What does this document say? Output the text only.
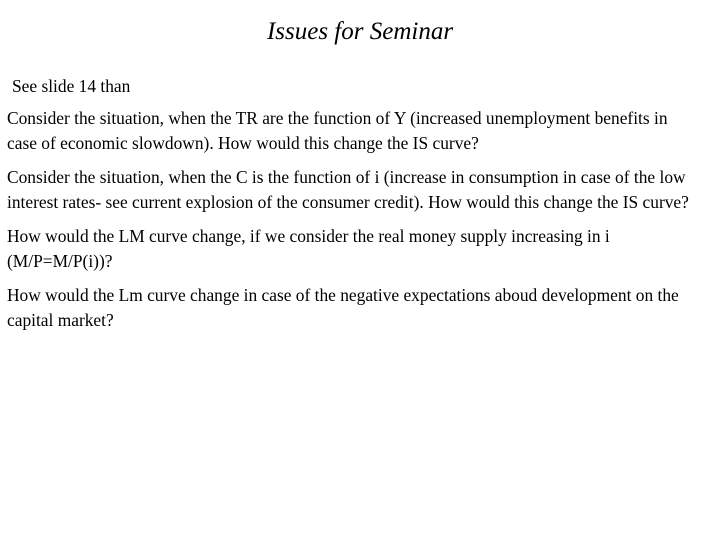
Issues for Seminar

See slide 14 than

Consider the situation, when the TR are the function of Y (increased unemployment benefits in case of economic slowdown). How would this change the IS curve?

Consider the situation, when the C is the function of i (increase in consumption in case of the low interest rates- see current explosion of the consumer credit). How would this change the IS curve?

How would the LM curve change, if we consider the real money supply increasing in i (M/P=M/P(i))?

How would the Lm curve change in case of the negative expectations aboud development on the capital market?
